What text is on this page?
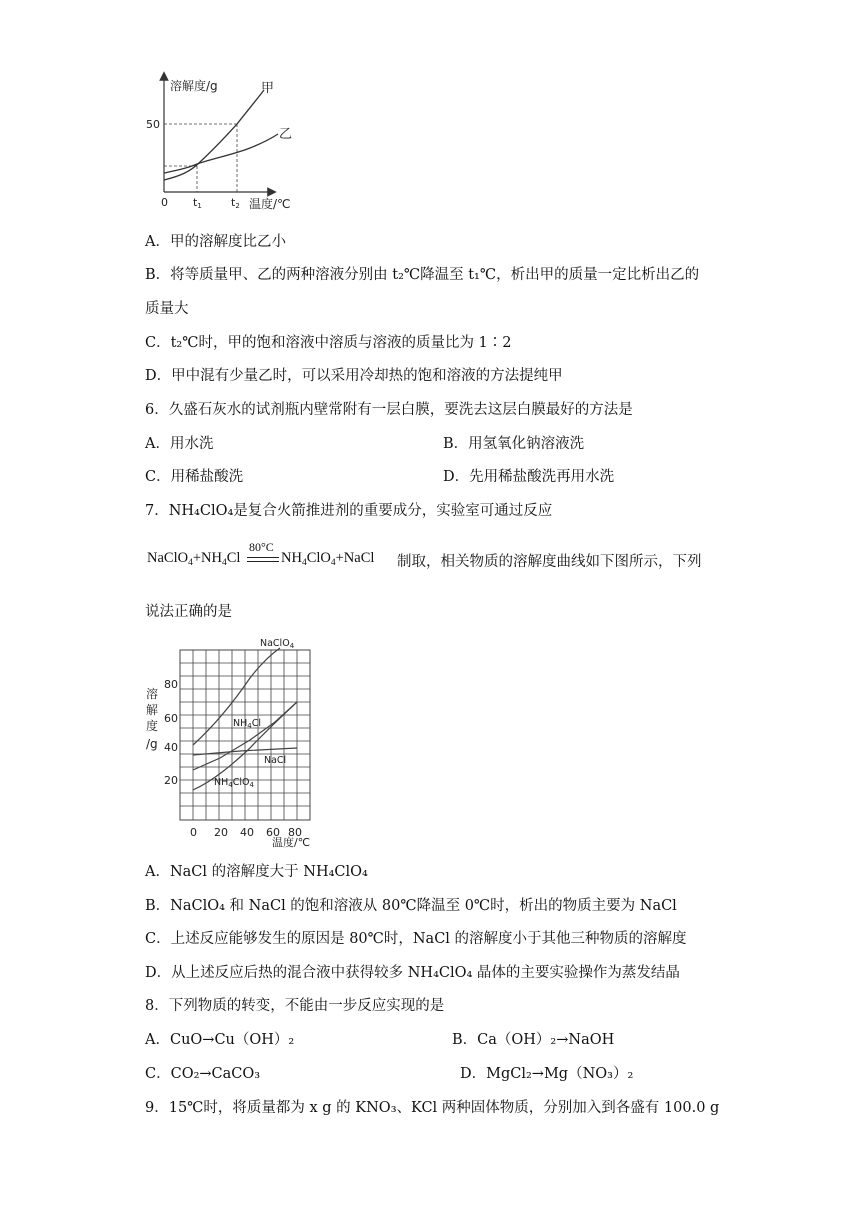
溶解度/g
温度/℃
0
50
t1	t2
甲
乙
A．甲的溶解度比乙小
B．将等质量甲、乙的两种溶液分别由 t₂℃降温至 t₁℃，析出甲的质量一定比析出乙的
质量大
C．t₂℃时，甲的饱和溶液中溶质与溶液的质量比为 1∶2
D．甲中混有少量乙时，可以采用冷却热的饱和溶液的方法提纯甲
6．久盛石灰水的试剂瓶内壁常附有一层白膜，要洗去这层白膜最好的方法是
A．用水洗	B．用氢氧化钠溶液洗
C．用稀盐酸洗	D．先用稀盐酸洗再用水洗
7．NH₄ClO₄是复合火箭推进剂的重要成分，实验室可通过反应
$NaClO_4+NH_4Cl$
80°C
$NH_4ClO_4+NaCl$ 制取，相关物质的溶解度曲线如下图所示，下列
说法正确的是
溶
解
度
/g
80
60
40
20
0 20 40 60 80
温度/℃
NaClO$_4$
$NH_4Cl$
NaCl
$NH_4ClO_4$
A．NaCl 的溶解度大于 NH₄ClO₄
B．NaClO₄ 和 NaCl 的饱和溶液从 80℃降温至 0℃时，析出的物质主要为 NaCl
C．上述反应能够发生的原因是 80℃时，NaCl 的溶解度小于其他三种物质的溶解度
D．从上述反应后热的混合液中获得较多 NH₄ClO₄ 晶体的主要实验操作为蒸发结晶
8．下列物质的转变，不能由一步反应实现的是
A．CuO→Cu（OH）₂	B．Ca（OH）₂→NaOH
C．CO₂→CaCO₃	D．MgCl₂→Mg（NO₃）₂
9．15℃时，将质量都为 x g 的 KNO₃、KCl 两种固体物质，分别加入到各盛有 100.0 g
